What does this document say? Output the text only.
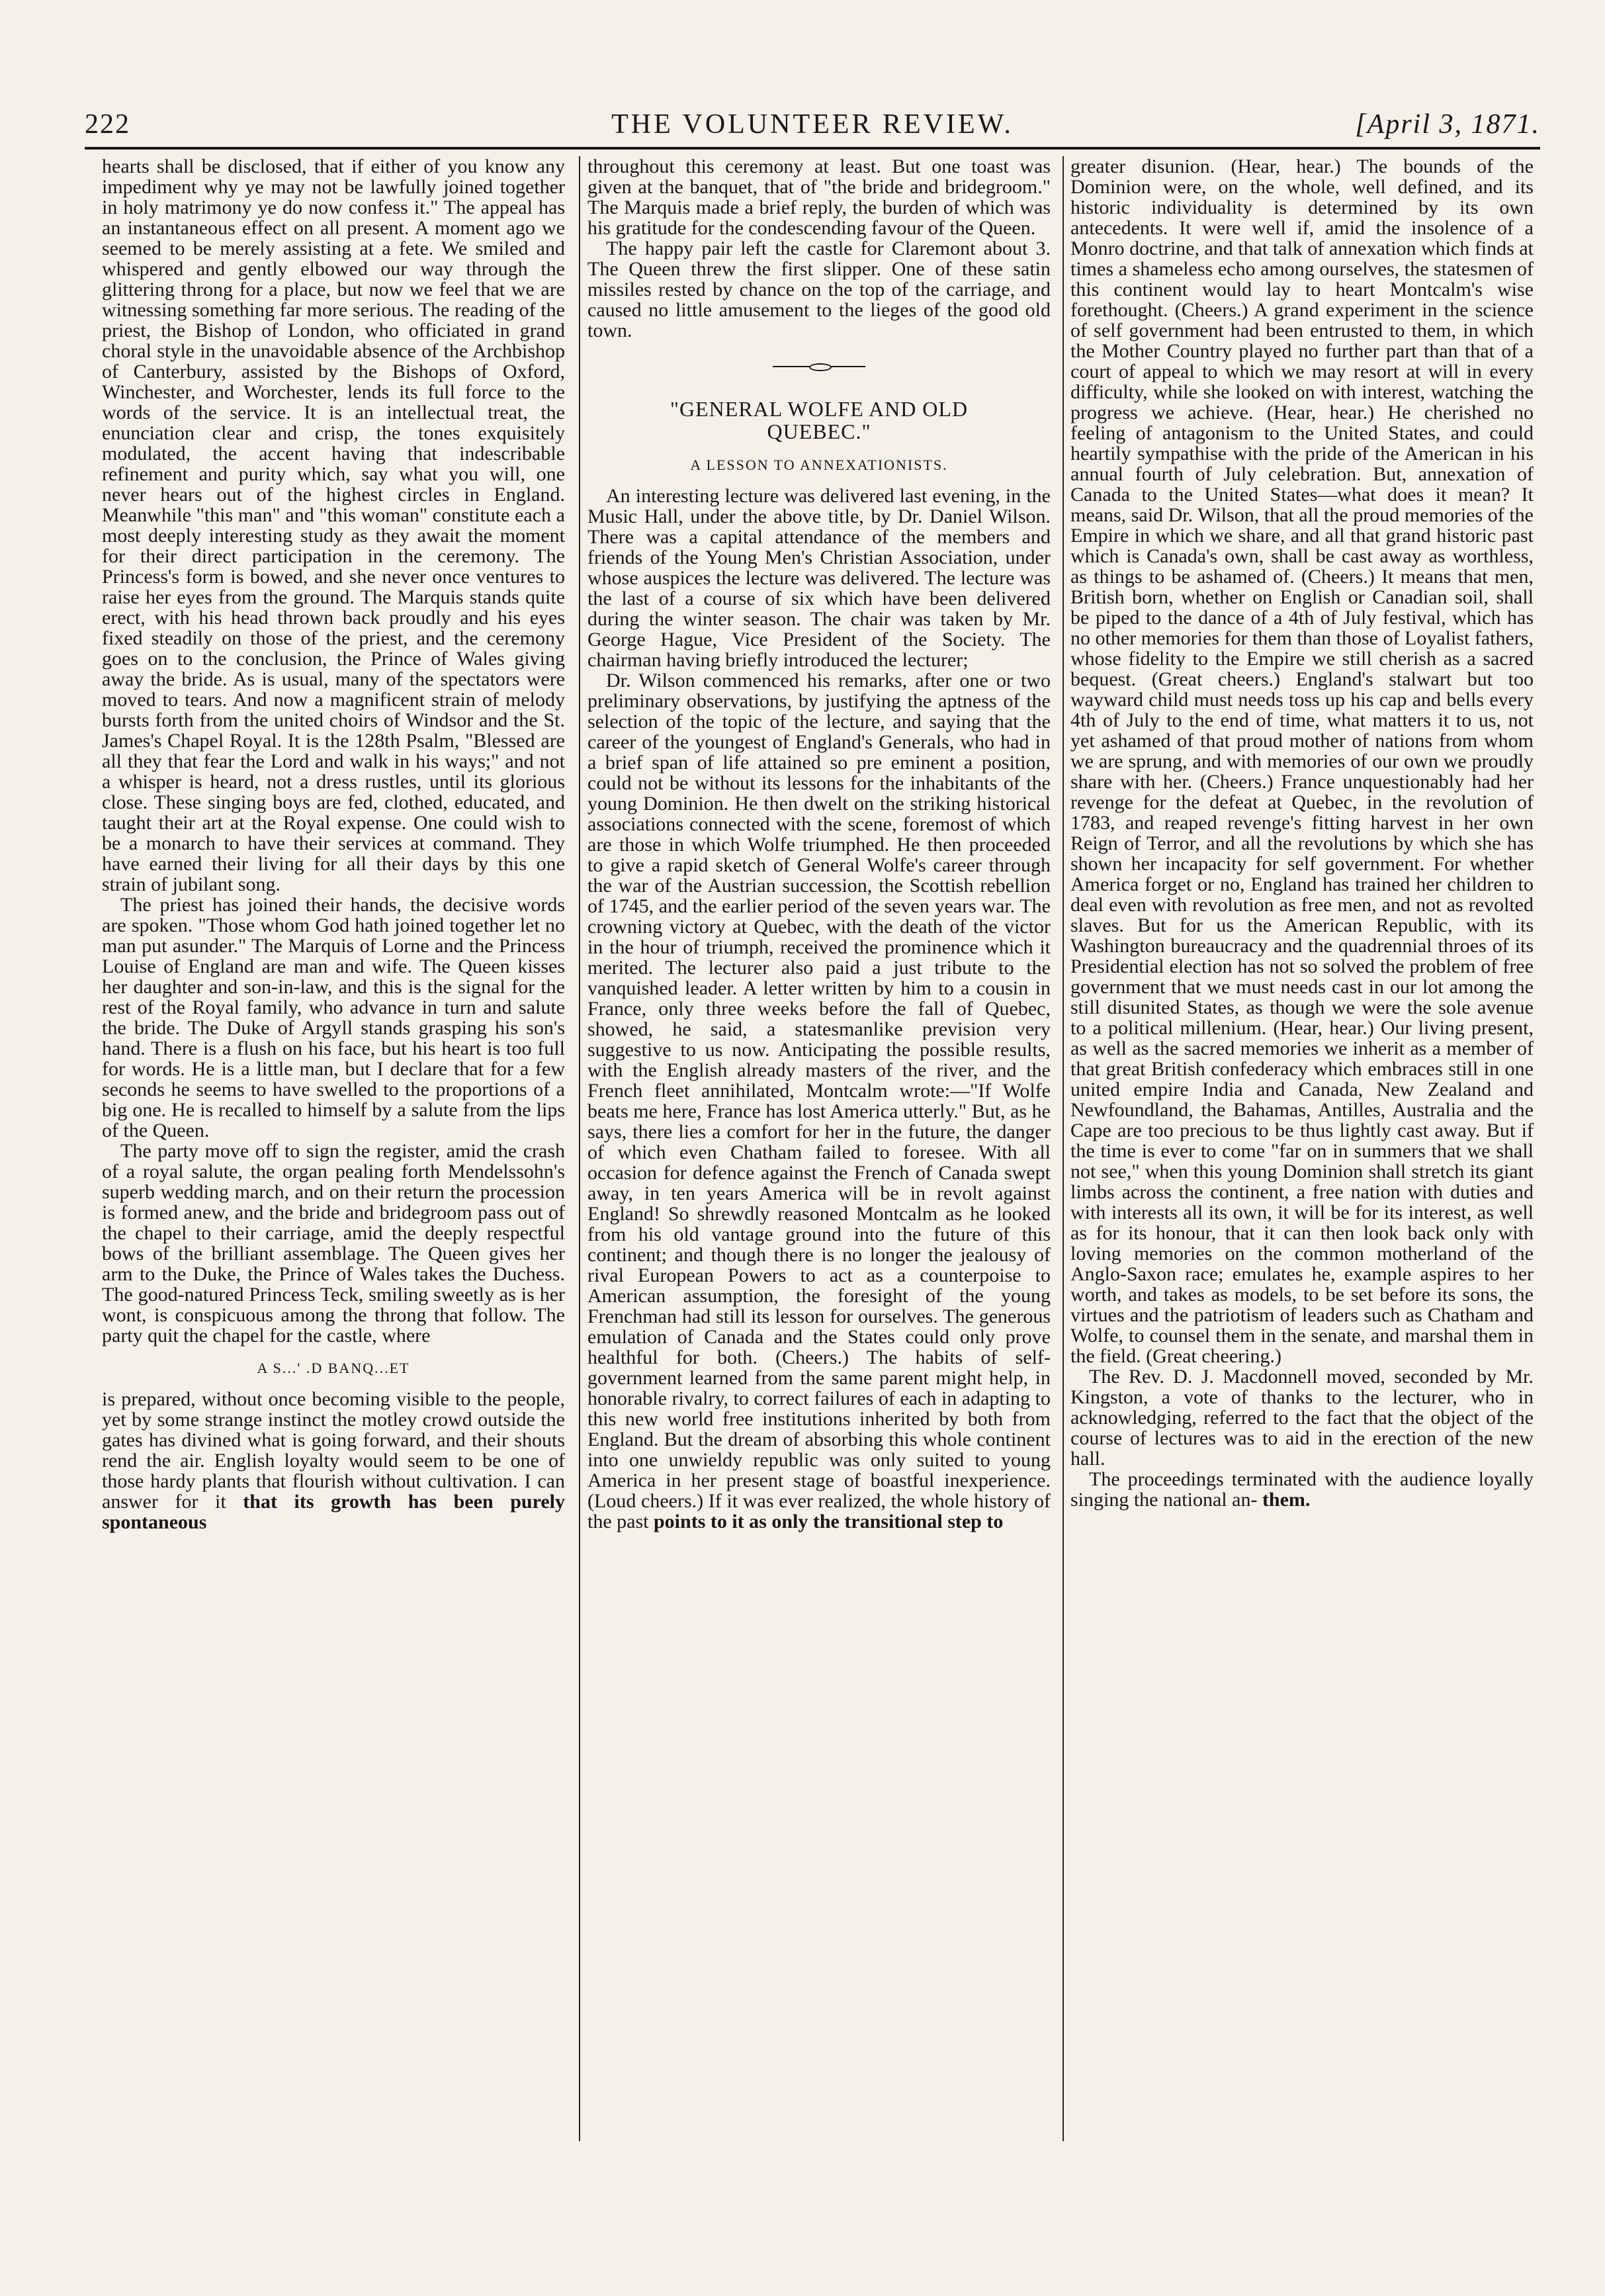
222	THE VOLUNTEER REVIEW.	[April 3, 1871.

hearts shall be disclosed, that if either of you know any impediment why ye may not be lawfully joined together in holy matrimony ye do now confess it." The appeal has an instantaneous effect on all present. A moment ago we seemed to be merely assisting at a fete. We smiled and whispered and gently elbowed our way through the glittering throng for a place, but now we feel that we are witnessing something far more serious. The reading of the priest, the Bishop of London, who officiated in grand choral style in the unavoidable absence of the Archbishop of Canterbury, assisted by the Bishops of Oxford, Winchester, and Worchester, lends its full force to the words of the service. It is an intellectual treat, the enunciation clear and crisp, the tones exquisitely modulated, the accent having that indescribable refinement and purity which, say what you will, one never hears out of the highest circles in England. Meanwhile "this man" and "this woman" constitute each a most deeply interesting study as they await the moment for their direct participation in the ceremony. The Princess's form is bowed, and she never once ventures to raise her eyes from the ground. The Marquis stands quite erect, with his head thrown back proudly and his eyes fixed steadily on those of the priest, and the ceremony goes on to the conclusion, the Prince of Wales giving away the bride. As is usual, many of the spectators were moved to tears. And now a magnificent strain of melody bursts forth from the united choirs of Windsor and the St. James's Chapel Royal. It is the 128th Psalm, "Blessed are all they that fear the Lord and walk in his ways;" and not a whisper is heard, not a dress rustles, until its glorious close. These singing boys are fed, clothed, educated, and taught their art at the Royal expense. One could wish to be a monarch to have their services at command. They have earned their living for all their days by this one strain of jubilant song.

The priest has joined their hands, the decisive words are spoken. "Those whom God hath joined together let no man put asunder." The Marquis of Lorne and the Princess Louise of England are man and wife. The Queen kisses her daughter and son-in-law, and this is the signal for the rest of the Royal family, who advance in turn and salute the bride. The Duke of Argyll stands grasping his son's hand. There is a flush on his face, but his heart is too full for words. He is a little man, but I declare that for a few seconds he seems to have swelled to the proportions of a big one. He is recalled to himself by a salute from the lips of the Queen.

The party move off to sign the register, amid the crash of a royal salute, the organ pealing forth Mendelssohn's superb wedding march, and on their return the procession is formed anew, and the bride and bridegroom pass out of the chapel to their carriage, amid the deeply respectful bows of the brilliant assemblage. The Queen gives her arm to the Duke, the Prince of Wales takes the Duchess. The good-natured Princess Teck, smiling sweetly as is her wont, is conspicuous among the throng that follow. The party quit the chapel for the castle, where

A S...' .D BANQ...ET

is prepared, without once becoming visible to the people, yet by some strange instinct the motley crowd outside the gates has divined what is going forward, and their shouts rend the air. English loyalty would seem to be one of those hardy plants that flourish without cultivation. I can answer for it that its growth has been purely spontaneous

throughout this ceremony at least. But one toast was given at the banquet, that of "the bride and bridegroom." The Marquis made a brief reply, the burden of which was his gratitude for the condescending favour of the Queen.

The happy pair left the castle for Claremont about 3. The Queen threw the first slipper. One of these satin missiles rested by chance on the top of the carriage, and caused no little amusement to the lieges of the good old town.

"GENERAL WOLFE AND OLD

QUEBEC."

A LESSON TO ANNEXATIONISTS.

An interesting lecture was delivered last evening, in the Music Hall, under the above title, by Dr. Daniel Wilson. There was a capital attendance of the members and friends of the Young Men's Christian Association, under whose auspices the lecture was delivered. The lecture was the last of a course of six which have been delivered during the winter season. The chair was taken by Mr. George Hague, Vice President of the Society. The chairman having briefly introduced the lecturer;

Dr. Wilson commenced his remarks, after one or two preliminary observations, by justifying the aptness of the selection of the topic of the lecture, and saying that the career of the youngest of England's Generals, who had in a brief span of life attained so pre eminent a position, could not be without its lessons for the inhabitants of the young Dominion. He then dwelt on the striking historical associations connected with the scene, foremost of which are those in which Wolfe triumphed. He then proceeded to give a rapid sketch of General Wolfe's career through the war of the Austrian succession, the Scottish rebellion of 1745, and the earlier period of the seven years war. The crowning victory at Quebec, with the death of the victor in the hour of triumph, received the prominence which it merited. The lecturer also paid a just tribute to the vanquished leader. A letter written by him to a cousin in France, only three weeks before the fall of Quebec, showed, he said, a statesmanlike prevision very suggestive to us now. Anticipating the possible results, with the English already masters of the river, and the French fleet annihilated, Montcalm wrote:—"If Wolfe beats me here, France has lost America utterly." But, as he says, there lies a comfort for her in the future, the danger of which even Chatham failed to foresee. With all occasion for defence against the French of Canada swept away, in ten years America will be in revolt against England! So shrewdly reasoned Montcalm as he looked from his old vantage ground into the future of this continent; and though there is no longer the jealousy of rival European Powers to act as a counterpoise to American assumption, the foresight of the young Frenchman had still its lesson for ourselves. The generous emulation of Canada and the States could only prove healthful for both. (Cheers.) The habits of self-government learned from the same parent might help, in honorable rivalry, to correct failures of each in adapting to this new world free institutions inherited by both from England. But the dream of absorbing this whole continent into one unwieldy republic was only suited to young America in her present stage of boastful inexperience. (Loud cheers.) If it was ever realized, the whole history of the past points to it as only the transitional step to

greater disunion. (Hear, hear.) The bounds of the Dominion were, on the whole, well defined, and its historic individuality is determined by its own antecedents. It were well if, amid the insolence of a Monro doctrine, and that talk of annexation which finds at times a shameless echo among ourselves, the statesmen of this continent would lay to heart Montcalm's wise forethought. (Cheers.) A grand experiment in the science of self government had been entrusted to them, in which the Mother Country played no further part than that of a court of appeal to which we may resort at will in every difficulty, while she looked on with interest, watching the progress we achieve. (Hear, hear.) He cherished no feeling of antagonism to the United States, and could heartily sympathise with the pride of the American in his annual fourth of July celebration. But, annexation of Canada to the United States—what does it mean? It means, said Dr. Wilson, that all the proud memories of the Empire in which we share, and all that grand historic past which is Canada's own, shall be cast away as worthless, as things to be ashamed of. (Cheers.) It means that men, British born, whether on English or Canadian soil, shall be piped to the dance of a 4th of July festival, which has no other memories for them than those of Loyalist fathers, whose fidelity to the Empire we still cherish as a sacred bequest. (Great cheers.) England's stalwart but too wayward child must needs toss up his cap and bells every 4th of July to the end of time, what matters it to us, not yet ashamed of that proud mother of nations from whom we are sprung, and with memories of our own we proudly share with her. (Cheers.) France unquestionably had her revenge for the defeat at Quebec, in the revolution of 1783, and reaped revenge's fitting harvest in her own Reign of Terror, and all the revolutions by which she has shown her incapacity for self government. For whether America forget or no, England has trained her children to deal even with revolution as free men, and not as revolted slaves. But for us the American Republic, with its Washington bureaucracy and the quadrennial throes of its Presidential election has not so solved the problem of free government that we must needs cast in our lot among the still disunited States, as though we were the sole avenue to a political millenium. (Hear, hear.) Our living present, as well as the sacred memories we inherit as a member of that great British confederacy which embraces still in one united empire India and Canada, New Zealand and Newfoundland, the Bahamas, Antilles, Australia and the Cape are too precious to be thus lightly cast away. But if the time is ever to come "far on in summers that we shall not see," when this young Dominion shall stretch its giant limbs across the continent, a free nation with duties and with interests all its own, it will be for its interest, as well as for its honour, that it can then look back only with loving memories on the common motherland of the Anglo-Saxon race; emulates he, example aspires to her worth, and takes as models, to be set before its sons, the virtues and the patriotism of leaders such as Chatham and Wolfe, to counsel them in the senate, and marshal them in the field. (Great cheering.)

The Rev. D. J. Macdonnell moved, seconded by Mr. Kingston, a vote of thanks to the lecturer, who in acknowledging, referred to the fact that the object of the course of lectures was to aid in the erection of the new hall.

The proceedings terminated with the audience loyally singing the national an- them.
